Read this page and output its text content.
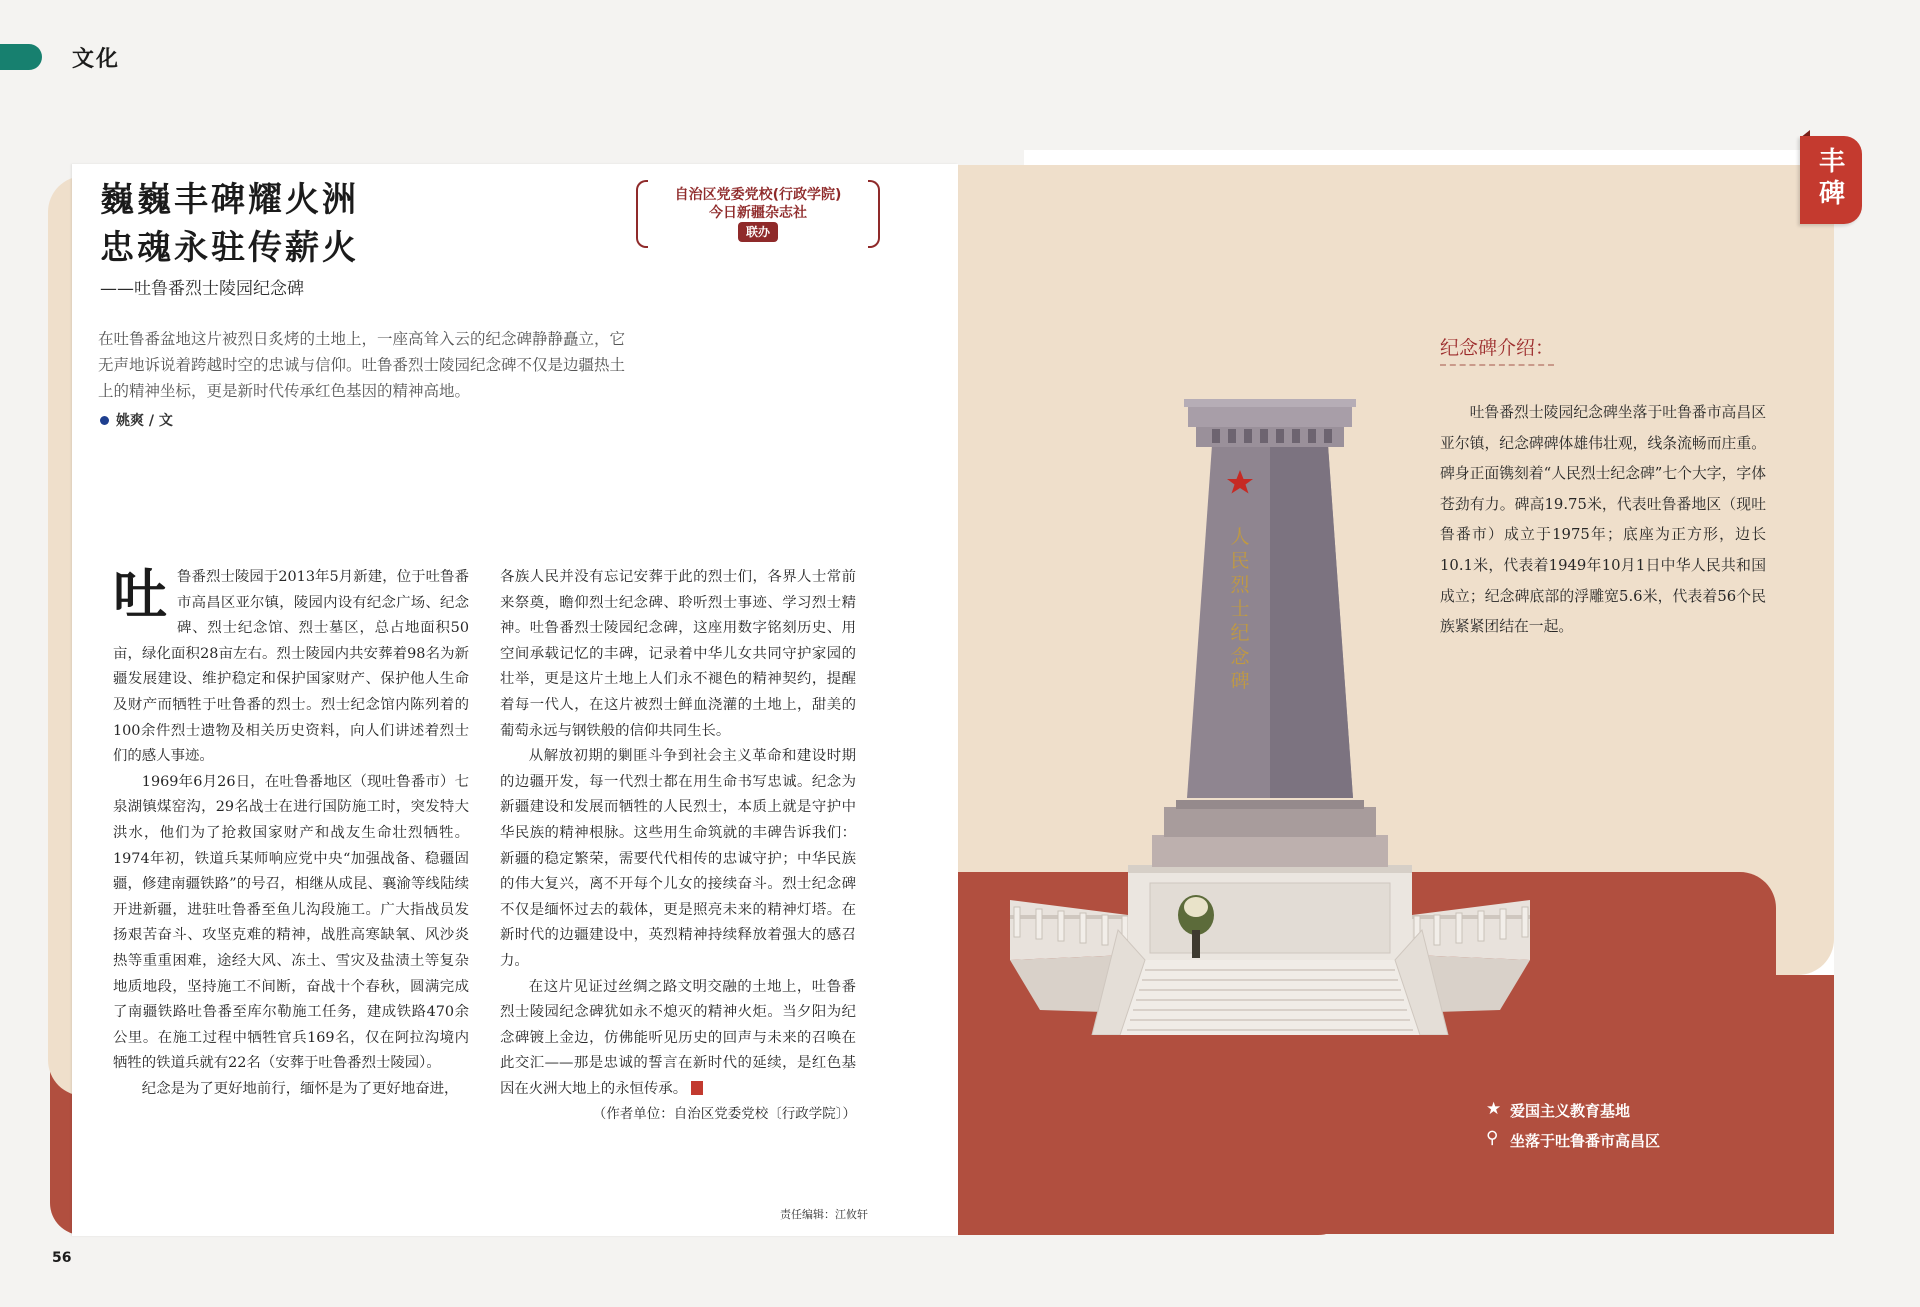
文化
巍巍丰碑耀火洲
忠魂永驻传薪火
——吐鲁番烈士陵园纪念碑
自治区党委党校(行政学院)
今日新疆杂志社
联办
在吐鲁番盆地这片被烈日炙烤的土地上，一座高耸入云的纪念碑静静矗立，它无声地诉说着跨越时空的忠诚与信仰。吐鲁番烈士陵园纪念碑不仅是边疆热土上的精神坐标，更是新时代传承红色基因的精神高地。
姚爽 / 文

吐鲁番烈士陵园于2013年5月新建，位于吐鲁番市高昌区亚尔镇，陵园内设有纪念广场、纪念碑、烈士纪念馆、烈士墓区，总占地面积50亩，绿化面积28亩左右。烈士陵园内共安葬着98名为新疆发展建设、维护稳定和保护国家财产、保护他人生命及财产而牺牲于吐鲁番的烈士。烈士纪念馆内陈列着的100余件烈士遗物及相关历史资料，向人们讲述着烈士们的感人事迹。

1969年6月26日，在吐鲁番地区（现吐鲁番市）七泉湖镇煤窑沟，29名战士在进行国防施工时，突发特大洪水，他们为了抢救国家财产和战友生命壮烈牺牲。1974年初，铁道兵某师响应党中央“加强战备、稳疆固疆，修建南疆铁路”的号召，相继从成昆、襄渝等线陆续开进新疆，进驻吐鲁番至鱼儿沟段施工。广大指战员发扬艰苦奋斗、攻坚克难的精神，战胜高寒缺氧、风沙炎热等重重困难，途经大风、冻土、雪灾及盐渍土等复杂地质地段，坚持施工不间断，奋战十个春秋，圆满完成了南疆铁路吐鲁番至库尔勒施工任务，建成铁路470余公里。在施工过程中牺牲官兵169名，仅在阿拉沟境内牺牲的铁道兵就有22名（安葬于吐鲁番烈士陵园）。

纪念是为了更好地前行，缅怀是为了更好地奋进，

各族人民并没有忘记安葬于此的烈士们，各界人士常前来祭奠，瞻仰烈士纪念碑、聆听烈士事迹、学习烈士精神。吐鲁番烈士陵园纪念碑，这座用数字铭刻历史、用空间承载记忆的丰碑，记录着中华儿女共同守护家园的壮举，更是这片土地上人们永不褪色的精神契约，提醒着每一代人，在这片被烈士鲜血浇灌的土地上，甜美的葡萄永远与钢铁般的信仰共同生长。

从解放初期的剿匪斗争到社会主义革命和建设时期的边疆开发，每一代烈士都在用生命书写忠诚。纪念为新疆建设和发展而牺牲的人民烈士，本质上就是守护中华民族的精神根脉。这些用生命筑就的丰碑告诉我们：新疆的稳定繁荣，需要代代相传的忠诚守护；中华民族的伟大复兴，离不开每个儿女的接续奋斗。烈士纪念碑不仅是缅怀过去的载体，更是照亮未来的精神灯塔。在新时代的边疆建设中，英烈精神持续释放着强大的感召力。

在这片见证过丝绸之路文明交融的土地上，吐鲁番烈士陵园纪念碑犹如永不熄灭的精神火炬。当夕阳为纪念碑镀上金边，仿佛能听见历史的回声与未来的召唤在此交汇——那是忠诚的誓言在新时代的延续，是红色基因在火洲大地上的永恒传承。

（作者单位：自治区党委党校〔行政学院〕）

责任编辑：江攸轩
56
丰碑
纪念碑介绍：
吐鲁番烈士陵园纪念碑坐落于吐鲁番市高昌区亚尔镇，纪念碑碑体雄伟壮观，线条流畅而庄重。碑身正面镌刻着“人民烈士纪念碑”七个大字，字体苍劲有力。碑高19.75米，代表吐鲁番地区（现吐鲁番市）成立于1975年；底座为正方形，边长10.1米，代表着1949年10月1日中华人民共和国成立；纪念碑底部的浮雕宽5.6米，代表着56个民族紧紧团结在一起。
人民烈士纪念碑
★ 爱国主义教育基地
⚲ 坐落于吐鲁番市高昌区
